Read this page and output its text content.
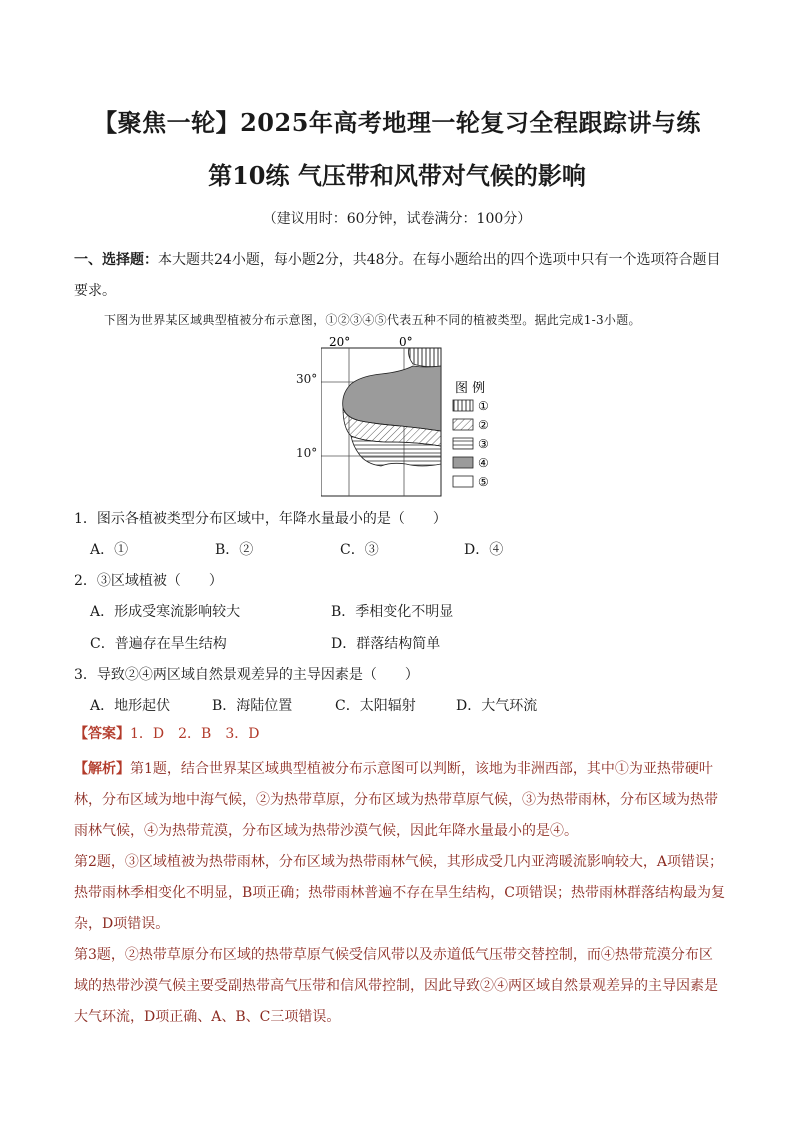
【聚焦一轮】2025年高考地理一轮复习全程跟踪讲与练
第10练 气压带和风带对气候的影响
（建议用时：60分钟，试卷满分：100分）
一、选择题：本大题共24小题，每小题2分，共48分。在每小题给出的四个选项中只有一个选项符合题目要求。
下图为世界某区域典型植被分布示意图，①②③④⑤代表五种不同的植被类型。据此完成1-3小题。
20°	0°
图 例
①
②
③
④
⑤
30°
10°
1．图示各植被类型分布区域中，年降水量最小的是（　　）
A．①	B．②	C．③	D．④
2．③区域植被（　　）
A．形成受寒流影响较大	B．季相变化不明显
C．普遍存在旱生结构	D．群落结构简单
3．导致②④两区域自然景观差异的主导因素是（　　）
A．地形起伏	B．海陆位置	C．太阳辐射	D．大气环流
【答案】1．D　2．B　3．D
【解析】第1题，结合世界某区域典型植被分布示意图可以判断，该地为非洲西部，其中①为亚热带硬叶
林，分布区域为地中海气候，②为热带草原，分布区域为热带草原气候，③为热带雨林，分布区域为热带
雨林气候，④为热带荒漠，分布区域为热带沙漠气候，因此年降水量最小的是④。
第2题，③区域植被为热带雨林，分布区域为热带雨林气候，其形成受几内亚湾暖流影响较大，A项错误；
热带雨林季相变化不明显，B项正确；热带雨林普遍不存在旱生结构，C项错误；热带雨林群落结构最为复
杂，D项错误。
第3题，②热带草原分布区域的热带草原气候受信风带以及赤道低气压带交替控制，而④热带荒漠分布区
域的热带沙漠气候主要受副热带高气压带和信风带控制，因此导致②④两区域自然景观差异的主导因素是
大气环流，D项正确、A、B、C三项错误。
